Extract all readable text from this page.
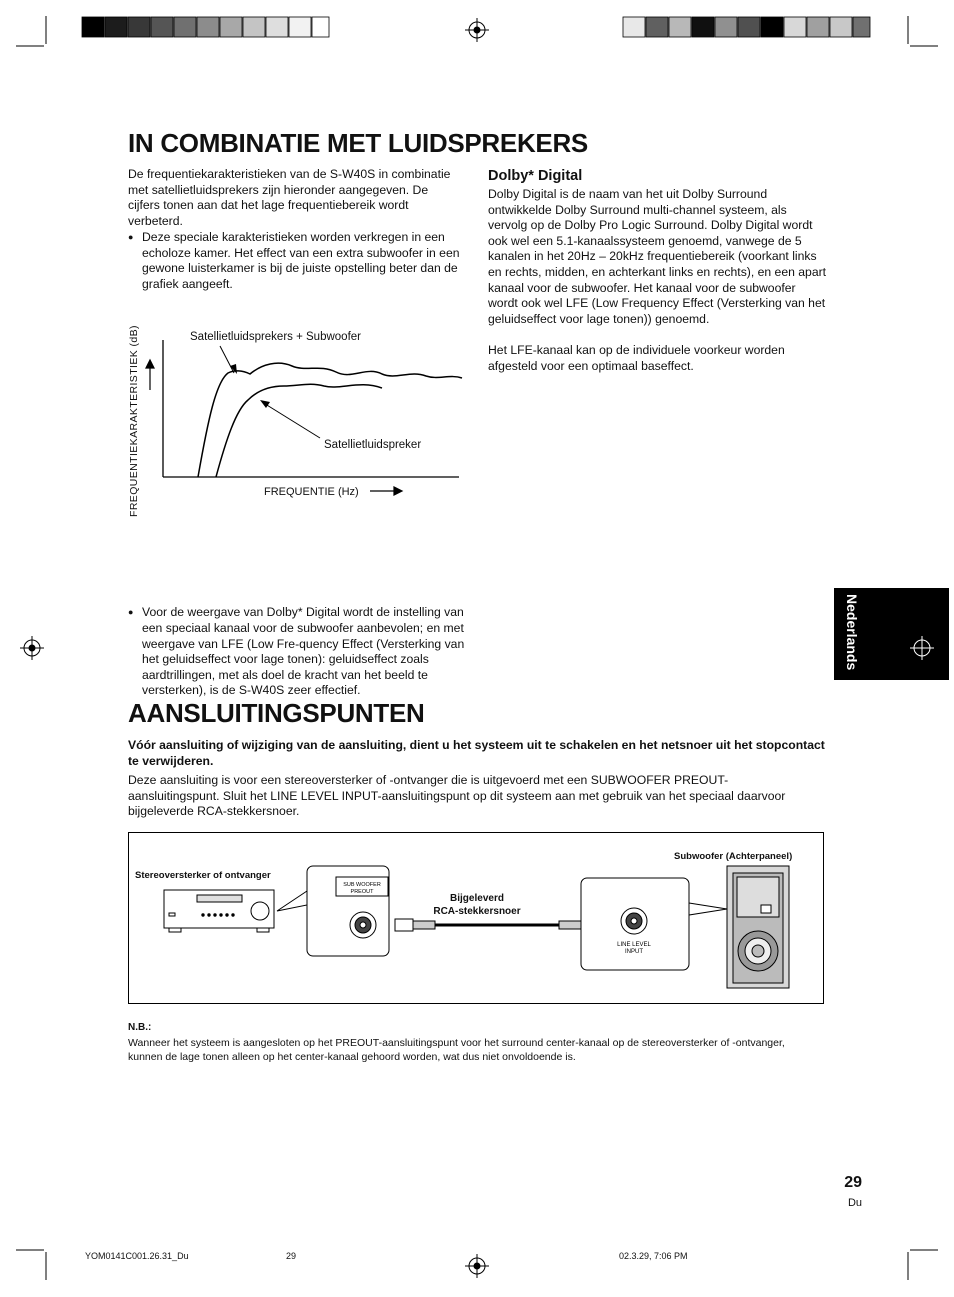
IN COMBINATIE MET LUIDSPREKERS
De frequentiekarakteristieken van de S-W40S in combinatie met satellietluidsprekers zijn hieronder aangegeven. De cijfers tonen aan dat het lage frequentiebereik wordt verbeterd.
● Deze speciale karakteristieken worden verkregen in een echoloze kamer. Het effect van een extra subwoofer in een gewone luisterkamer is bij de juiste opstelling beter dan de grafiek aangeeft.
Dolby* Digital
Dolby Digital is de naam van het uit Dolby Surround ontwikkelde Dolby Surround multi-channel systeem, als vervolg op de Dolby Pro Logic Surround. Dolby Digital wordt ook wel een 5.1-kanaalssysteem genoemd, vanwege de 5 kanalen in het 20Hz – 20kHz frequentiebereik (voorkant links en rechts, midden, en achterkant links en rechts), en een apart kanaal voor de subwoofer. Het kanaal voor de subwoofer wordt ook wel LFE (Low Frequency Effect (Versterking van het geluidseffect voor lage tonen)) genoemd.
Het LFE-kanaal kan op de individuele voorkeur worden afgesteld voor een optimaal baseffect.
FREQUENTIEKARAKTERISTIEK (dB)	Satellietluidsprekers + Subwoofer
Satellietluidspreker
FREQUENTIE (Hz)
● Voor de weergave van Dolby* Digital wordt de instelling van een speciaal kanaal voor de subwoofer aanbevolen; en met weergave van LFE (Low Fre-quency Effect (Versterking van het geluidseffect voor lage tonen): geluidseffect zoals aardtrillingen, met als doel de kracht van het beeld te versterken), is de S-W40S zeer effectief.
Nederlands
AANSLUITINGSPUNTEN
Vóór aansluiting of wijziging van de aansluiting, dient u het systeem uit te schakelen en het netsnoer uit het stopcontact te verwijderen.
Deze aansluiting is voor een stereoversterker of -ontvanger die is uitgevoerd met een SUBWOOFER PREOUT-aansluitingspunt. Sluit het LINE LEVEL INPUT-aansluitingspunt op dit systeem aan met gebruik van het speciaal daarvoor bijgeleverde RCA-stekkersnoer.
SUB WOOFER
PREOUT
LINE LEVEL
INPUT
Stereoversterker of ontvanger
Bijgeleverd
RCA-stekkersnoer
Subwoofer (Achterpaneel)
N.B.:
Wanneer het systeem is aangesloten op het PREOUT-aansluitingspunt voor het surround center-kanaal op de stereoversterker of -ontvanger, kunnen de lage tonen alleen op het center-kanaal gehoord worden, wat dus niet onvoldoende is.
29
Du
YOM0141C001.26.31_Du	29	02.3.29, 7:06 PM
